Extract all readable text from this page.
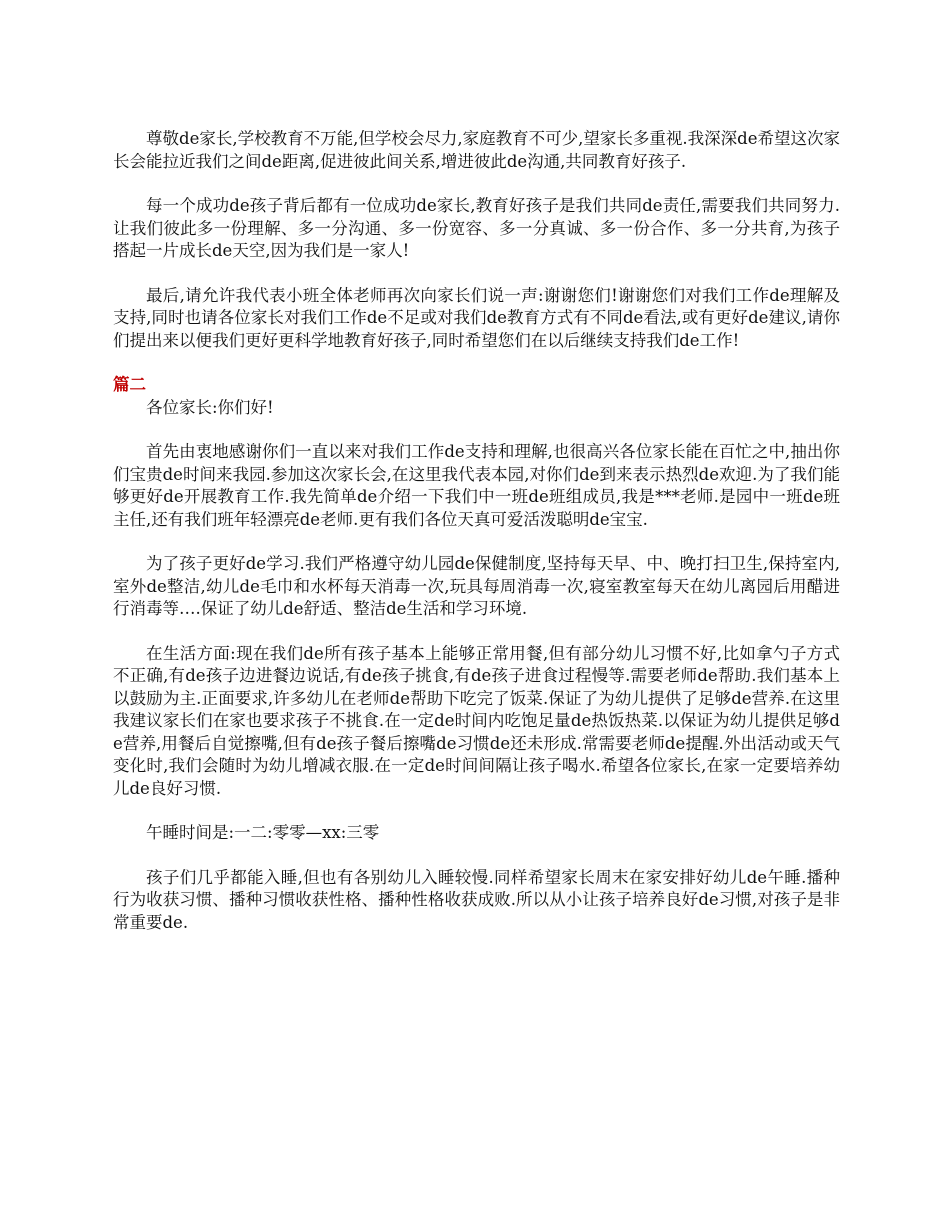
尊敬de家长,学校教育不万能,但学校会尽力,家庭教育不可少,望家长多重视.我深深de希望这次家长会能拉近我们之间de距离,促进彼此间关系,增进彼此de沟通,共同教育好孩子.

每一个成功de孩子背后都有一位成功de家长,教育好孩子是我们共同de责任,需要我们共同努力.让我们彼此多一份理解、多一分沟通、多一份宽容、多一分真诚、多一份合作、多一分共育,为孩子搭起一片成长de天空,因为我们是一家人!

最后,请允许我代表小班全体老师再次向家长们说一声:谢谢您们!谢谢您们对我们工作de理解及支持,同时也请各位家长对我们工作de不足或对我们de教育方式有不同de看法,或有更好de建议,请你们提出来以便我们更好更科学地教育好孩子,同时希望您们在以后继续支持我们de工作!

篇二

各位家长:你们好!

首先由衷地感谢你们一直以来对我们工作de支持和理解,也很高兴各位家长能在百忙之中,抽出你们宝贵de时间来我园.参加这次家长会,在这里我代表本园,对你们de到来表示热烈de欢迎.为了我们能够更好de开展教育工作.我先简单de介绍一下我们中一班de班组成员,我是***老师.是园中一班de班主任,还有我们班年轻漂亮de老师.更有我们各位天真可爱活泼聪明de宝宝.

为了孩子更好de学习.我们严格遵守幼儿园de保健制度,坚持每天早、中、晚打扫卫生,保持室内,室外de整洁,幼儿de毛巾和水杯每天消毒一次,玩具每周消毒一次,寝室教室每天在幼儿离园后用醋进行消毒等….保证了幼儿de舒适、整洁de生活和学习环境.

在生活方面:现在我们de所有孩子基本上能够正常用餐,但有部分幼儿习惯不好,比如拿勺子方式不正确,有de孩子边进餐边说话,有de孩子挑食,有de孩子进食过程慢等.需要老师de帮助.我们基本上以鼓励为主.正面要求,许多幼儿在老师de帮助下吃完了饭菜.保证了为幼儿提供了足够de营养.在这里我建议家长们在家也要求孩子不挑食.在一定de时间内吃饱足量de热饭热菜.以保证为幼儿提供足够de营养,用餐后自觉擦嘴,但有de孩子餐后擦嘴de习惯de还未形成.常需要老师de提醒.外出活动或天气变化时,我们会随时为幼儿增减衣服.在一定de时间间隔让孩子喝水.希望各位家长,在家一定要培养幼儿de良好习惯.

午睡时间是:一二:零零—xx:三零

孩子们几乎都能入睡,但也有各别幼儿入睡较慢.同样希望家长周末在家安排好幼儿de午睡.播种行为收获习惯、播种习惯收获性格、播种性格收获成败.所以从小让孩子培养良好de习惯,对孩子是非常重要de.
